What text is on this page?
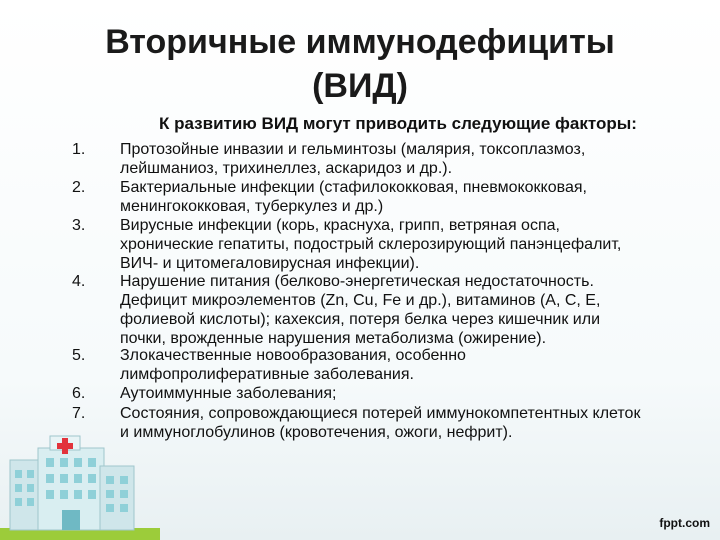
Вторичные иммунодефициты
(ВИД)
К развитию ВИД могут приводить следующие факторы:
1.	Протозойные инвазии и гельминтозы (малярия, токсоплазмоз,
лейшманиоз, трихинеллез, аскаридоз и др.).
2.	Бактериальные инфекции (стафилококковая, пневмококковая,
менингококковая, туберкулез и др.)
3.	Вирусные инфекции (корь, краснуха, грипп, ветряная оспа,
хронические гепатиты, подострый склерозирующий панэнцефалит,
ВИЧ- и цитомегаловирусная инфекции).
4.	Нарушение питания (белково-энергетическая недостаточность.
Дефицит микроэлементов (Zn, Cu, Fe и др.), витаминов (А, С, Е,
фолиевой кислоты); кахексия, потеря белка через кишечник или
почки, врожденные нарушения метаболизма (ожирение).
5.	Злокачественные новообразования, особенно
лимфопролиферативные заболевания.
6.	Аутоиммунные заболевания;
7.	Состояния, сопровождающиеся потерей иммунокомпетентных клеток
и иммуноглобулинов (кровотечения, ожоги, нефрит).
fppt.com
